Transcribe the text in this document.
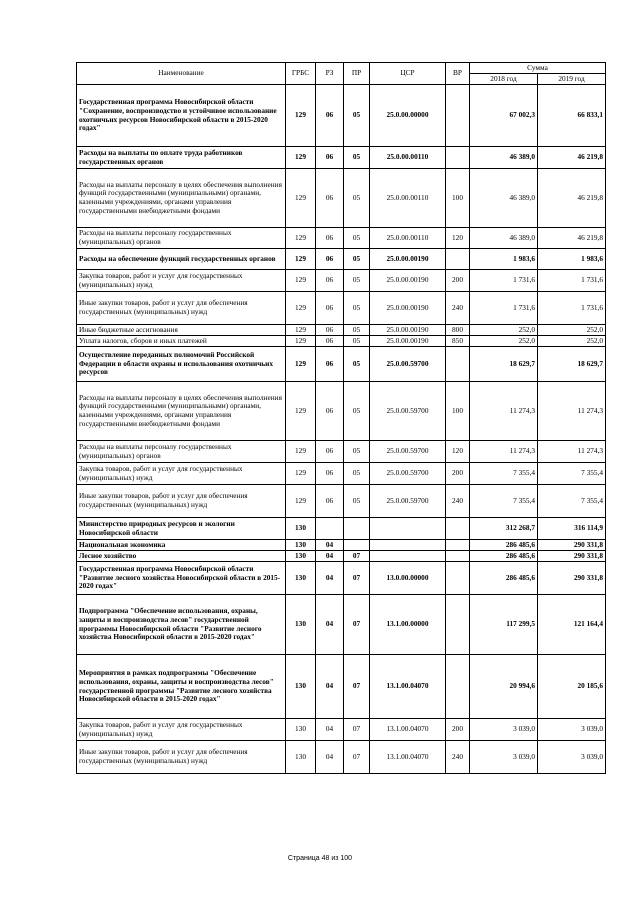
Наименование	ГРБС	РЗ	ПР	ЦСР	ВР	Сумма	
						2018 год	2019 год
Государственная программа Новосибирской области "Сохранение, воспроизводство и устойчивое использование охотничьих ресурсов Новосибирской области в 2015-2020 годах"	129	06	05	25.0.00.00000		67 002,3	66 833,1
Расходы на выплаты по оплате труда работников государственных органов	129	06	05	25.0.00.00110		46 389,0	46 219,8
Расходы на выплаты персоналу в целях обеспечения выполнения функций государственными (муниципальными) органами, казенными учреждениями, органами управления государственными внебюджетными фондами	129	06	05	25.0.00.00110	100	46 389,0	46 219,8
Расходы на выплаты персоналу государственных (муниципальных) органов	129	06	05	25.0.00.00110	120	46 389,0	46 219,8
Расходы на обеспечение функций государственных органов	129	06	05	25.0.00.00190		1 983,6	1 983,6
Закупка товаров, работ и услуг для государственных (муниципальных) нужд	129	06	05	25.0.00.00190	200	1 731,6	1 731,6
Иные закупки товаров, работ и услуг для обеспечения государственных (муниципальных) нужд	129	06	05	25.0.00.00190	240	1 731,6	1 731,6
Иные бюджетные ассигнования	129	06	05	25.0.00.00190	800	252,0	252,0
Уплата налогов, сборов и иных платежей	129	06	05	25.0.00.00190	850	252,0	252,0
Осуществление переданных полномочий Российской Федерации в области охраны и использования охотничьих ресурсов	129	06	05	25.0.00.59700		18 629,7	18 629,7
Расходы на выплаты персоналу в целях обеспечения выполнения функций государственными (муниципальными) органами, казенными учреждениями, органами управления государственными внебюджетными фондами	129	06	05	25.0.00.59700	100	11 274,3	11 274,3
Расходы на выплаты персоналу государственных (муниципальных) органов	129	06	05	25.0.00.59700	120	11 274,3	11 274,3
Закупка товаров, работ и услуг для государственных (муниципальных) нужд	129	06	05	25.0.00.59700	200	7 355,4	7 355,4
Иные закупки товаров, работ и услуг для обеспечения государственных (муниципальных) нужд	129	06	05	25.0.00.59700	240	7 355,4	7 355,4
Министерство природных ресурсов и экологии Новосибирской области	130					312 268,7	316 114,9
Национальная экономика	130	04				286 485,6	290 331,8
Лесное хозяйство	130	04	07			286 485,6	290 331,8
Государственная программа Новосибирской области "Развитие лесного хозяйства Новосибирской области в 2015-2020 годах"	130	04	07	13.0.00.00000		286 485,6	290 331,8
Подпрограмма "Обеспечение использования, охраны, защиты и воспроизводства лесов" государственной программы Новосибирской области "Развитие лесного хозяйства Новосибирской области в 2015-2020 годах"	130	04	07	13.1.00.00000		117 299,5	121 164,4
Мероприятия в рамках подпрограммы "Обеспечение использования, охраны, защиты и воспроизводства лесов" государственной программы "Развитие лесного хозяйства Новосибирской области в 2015-2020 годах"	130	04	07	13.1.00.04070		20 994,6	20 185,6
Закупка товаров, работ и услуг для государственных (муниципальных) нужд	130	04	07	13.1.00.04070	200	3 039,0	3 039,0
Иные закупки товаров, работ и услуг для обеспечения государственных (муниципальных) нужд	130	04	07	13.1.00.04070	240	3 039,0	3 039,0
Страница 48 из 100
